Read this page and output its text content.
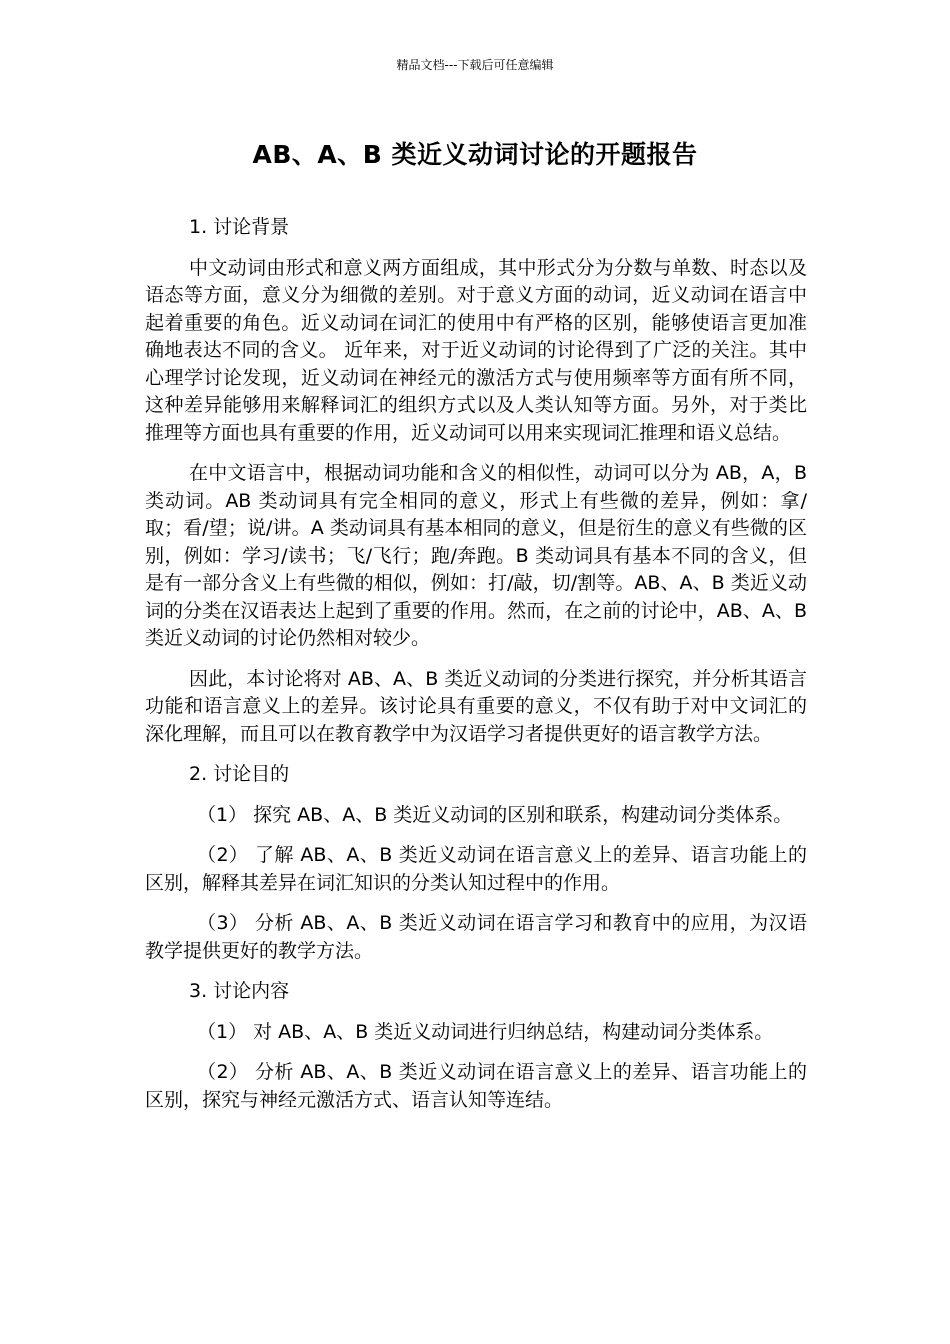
精品文档---下载后可任意编辑
AB、A、B 类近义动词讨论的开题报告

1. 讨论背景

中文动词由形式和意义两方面组成，其中形式分为分数与单数、时态以及语态等方面，意义分为细微的差别。对于意义方面的动词，近义动词在语言中起着重要的角色。近义动词在词汇的使用中有严格的区别，能够使语言更加准确地表达不同的含义。 近年来，对于近义动词的讨论得到了广泛的关注。其中心理学讨论发现，近义动词在神经元的激活方式与使用频率等方面有所不同，这种差异能够用来解释词汇的组织方式以及人类认知等方面。另外，对于类比推理等方面也具有重要的作用，近义动词可以用来实现词汇推理和语义总结。

在中文语言中，根据动词功能和含义的相似性，动词可以分为 AB，A，B 类动词。AB 类动词具有完全相同的意义，形式上有些微的差异，例如：拿/取；看/望；说/讲。A 类动词具有基本相同的意义，但是衍生的意义有些微的区别，例如：学习/读书；飞/飞行；跑/奔跑。B 类动词具有基本不同的含义，但是有一部分含义上有些微的相似，例如：打/敲，切/割等。AB、A、B 类近义动词的分类在汉语表达上起到了重要的作用。然而，在之前的讨论中，AB、A、B 类近义动词的讨论仍然相对较少。

因此，本讨论将对 AB、A、B 类近义动词的分类进行探究，并分析其语言功能和语言意义上的差异。该讨论具有重要的意义，不仅有助于对中文词汇的深化理解，而且可以在教育教学中为汉语学习者提供更好的语言教学方法。

2. 讨论目的

（1） 探究 AB、A、B 类近义动词的区别和联系，构建动词分类体系。

（2） 了解 AB、A、B 类近义动词在语言意义上的差异、语言功能上的区别，解释其差异在词汇知识的分类认知过程中的作用。

（3） 分析 AB、A、B 类近义动词在语言学习和教育中的应用，为汉语教学提供更好的教学方法。

3. 讨论内容

（1） 对 AB、A、B 类近义动词进行归纳总结，构建动词分类体系。

（2） 分析 AB、A、B 类近义动词在语言意义上的差异、语言功能上的区别，探究与神经元激活方式、语言认知等连结。
